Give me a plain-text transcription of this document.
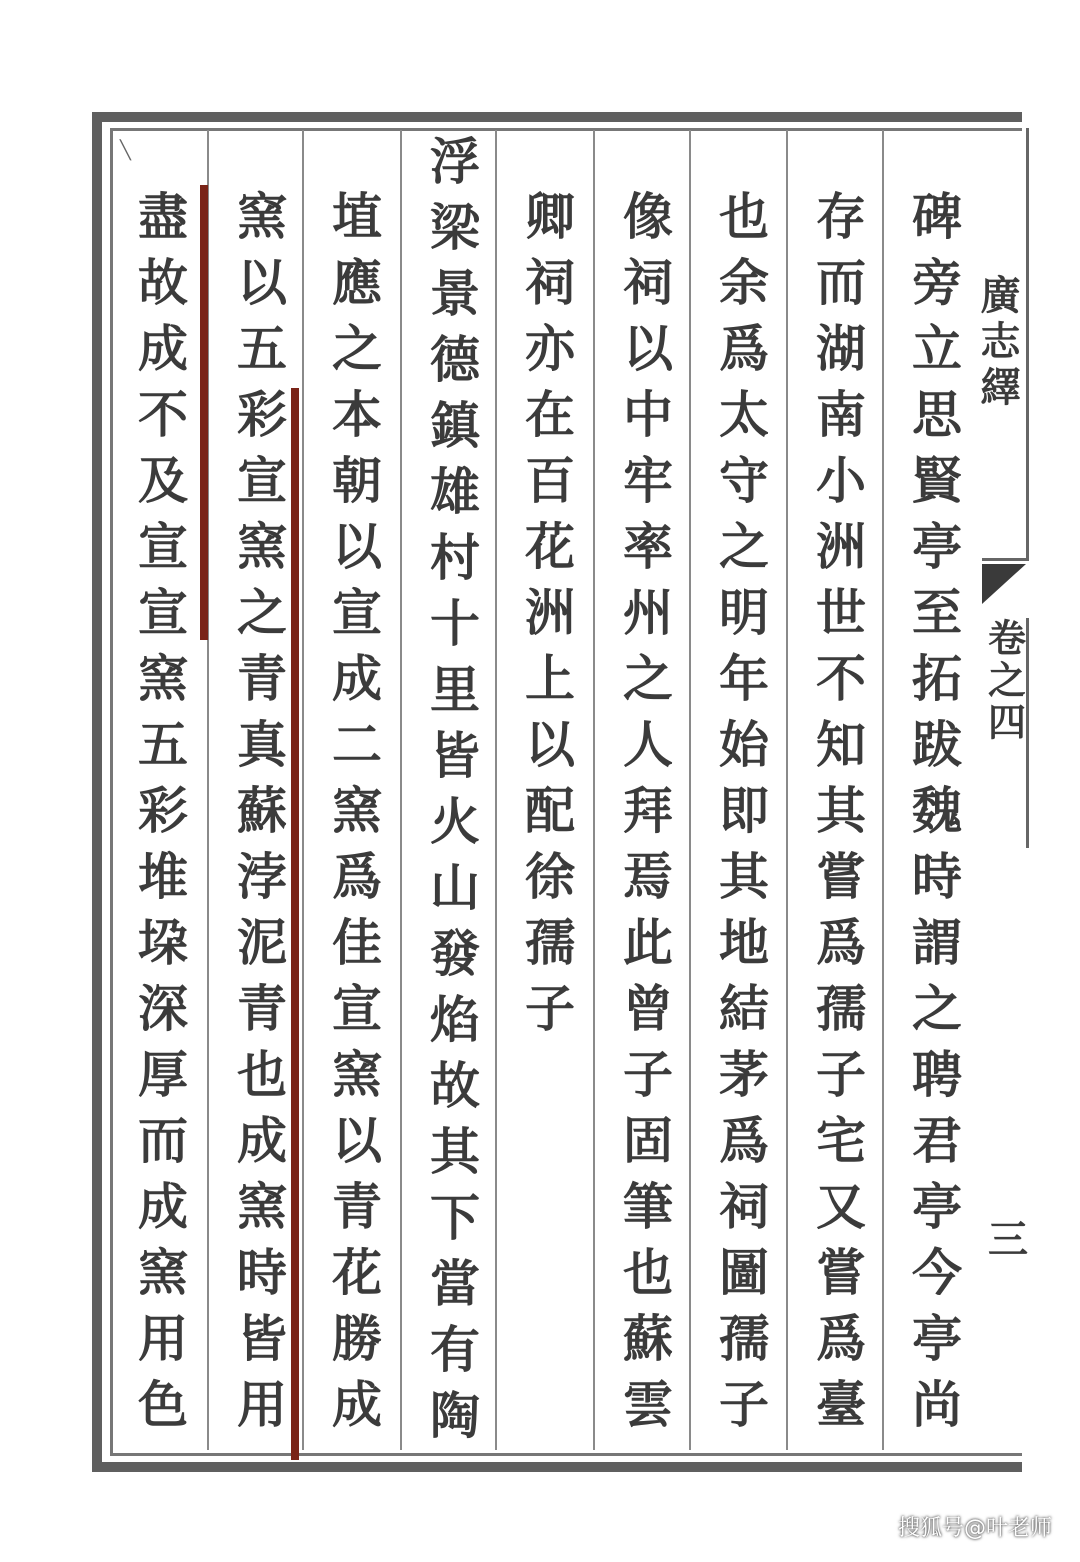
╲
碑旁立思賢亭至拓跋魏時謂之聘君亭今亭尚
存而湖南小洲世不知其嘗爲孺子宅又嘗爲臺
也余爲太守之明年始即其地結茅爲祠圖孺子
像祠以中牢率州之人拜焉此曾子固筆也蘇雲
卿祠亦在百花洲上以配徐孺子
浮梁景德鎮雄村十里皆火山發焰故其下當有陶
埴應之本朝以宣成二窯爲佳宣窯以青花勝成
窯以五彩宣窯之青真蘇浡泥青也成窯時皆用
盡故成不及宣宣窯五彩堆垜深厚而成窯用色	廣志繹
卷之四
三
搜狐号@叶老师
